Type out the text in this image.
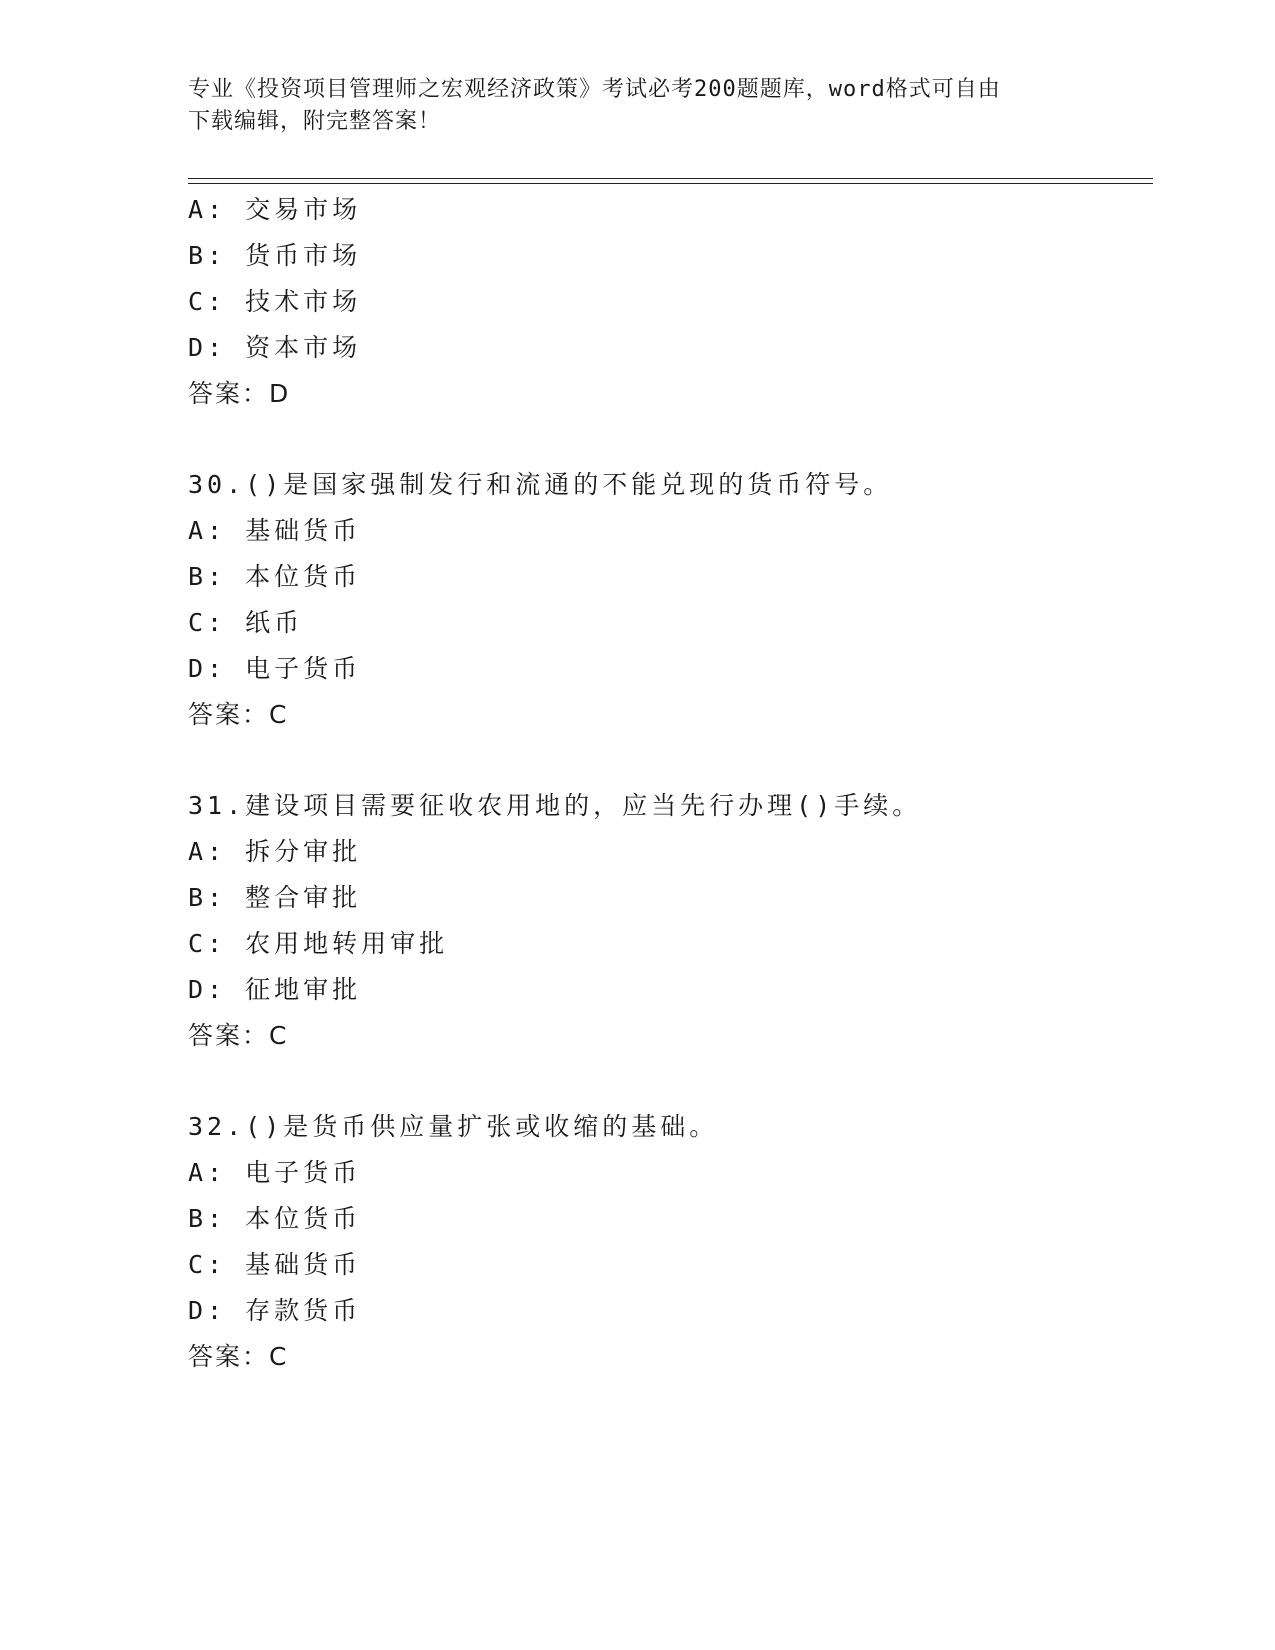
专业《投资项目管理师之宏观经济政策》考试必考200题题库，word格式可自由
下载编辑，附完整答案！
A: 交易市场
B: 货币市场
C: 技术市场
D: 资本市场
答案：D
30.()是国家强制发行和流通的不能兑现的货币符号。
A: 基础货币
B: 本位货币
C: 纸币
D: 电子货币
答案：C
31.建设项目需要征收农用地的，应当先行办理()手续。
A: 拆分审批
B: 整合审批
C: 农用地转用审批
D: 征地审批
答案：C
32.()是货币供应量扩张或收缩的基础。
A: 电子货币
B: 本位货币
C: 基础货币
D: 存款货币
答案：C
